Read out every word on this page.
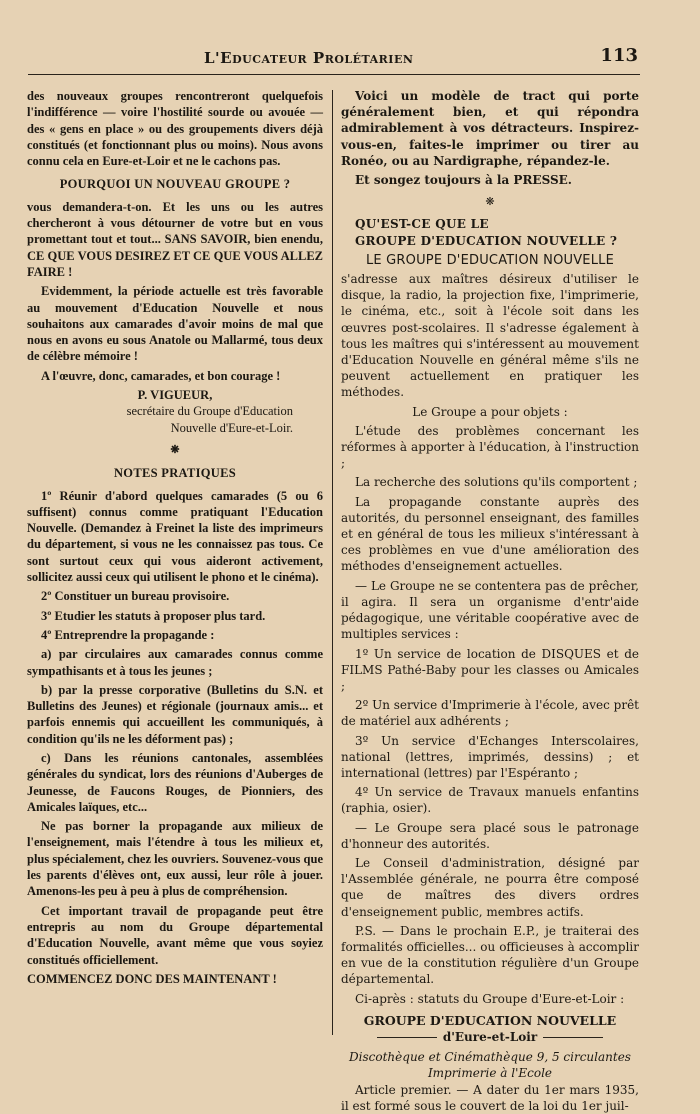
L'Educateur Prolétarien	113

des nouveaux groupes rencontreront quelquefois l'indifférence — voire l'hostilité sourde ou avouée — des « gens en place » ou des groupements divers déjà constitués (et fonctionnant plus ou moins). Nous avons connu cela en Eure-et-Loir et ne le cachons pas.

POURQUOI UN NOUVEAU GROUPE ?

vous demandera-t-on. Et les uns ou les autres chercheront à vous détourner de votre but en vous promettant tout et tout... SANS SAVOIR, bien enendu, CE QUE VOUS DESIREZ ET CE QUE VOUS ALLEZ FAIRE !

Evidemment, la période actuelle est très favorable au mouvement d'Education Nouvelle et nous souhaitons aux camarades d'avoir moins de mal que nous en avons eu sous Anatole ou Mallarmé, tous deux de célèbre mémoire !

A l'œuvre, donc, camarades, et bon courage !

P. VIGUEUR,

secrétaire du Groupe d'Education

Nouvelle d'Eure-et-Loir.

❋
NOTES PRATIQUES

1º Réunir d'abord quelques camarades (5 ou 6 suffisent) connus comme pratiquant l'Education Nouvelle. (Demandez à Freinet la liste des imprimeurs du département, si vous ne les connaissez pas tous. Ce sont surtout ceux qui vous aideront activement, sollicitez aussi ceux qui utilisent le phono et le cinéma).

2º Constituer un bureau provisoire.

3º Etudier les statuts à proposer plus tard.

4º Entreprendre la propagande :

a) par circulaires aux camarades connus comme sympathisants et à tous les jeunes ;

b) par la presse corporative (Bulletins du S.N. et Bulletins des Jeunes) et régionale (journaux amis... et parfois ennemis qui accueillent les communiqués, à condition qu'ils ne les déforment pas) ;

c) Dans les réunions cantonales, assemblées générales du syndicat, lors des réunions d'Auberges de Jeunesse, de Faucons Rouges, de Pionniers, des Amicales laïques, etc...

Ne pas borner la propagande aux milieux de l'enseignement, mais l'étendre à tous les milieux et, plus spécialement, chez les ouvriers. Souvenez-vous que les parents d'élèves ont, eux aussi, leur rôle à jouer. Amenons-les peu à peu à plus de compréhension.

Cet important travail de propagande peut être entrepris au nom du Groupe départemental d'Education Nouvelle, avant même que vous soyiez constitués officiellement.

COMMENCEZ DONC DES MAINTENANT !

Voici un modèle de tract qui porte généralement bien, et qui répondra admirablement à vos détracteurs. Inspirez-vous-en, faites-le imprimer ou tirer au Ronéo, ou au Nardigraphe, répandez-le.

Et songez toujours à la PRESSE.

❋
QU'EST-CE QUE LE
GROUPE D'EDUCATION NOUVELLE ?
LE GROUPE D'EDUCATION NOUVELLE

s'adresse aux maîtres désireux d'utiliser le disque, la radio, la projection fixe, l'imprimerie, le cinéma, etc., soit à l'école soit dans les œuvres post-scolaires. Il s'adresse également à tous les maîtres qui s'intéressent au mouvement d'Education Nouvelle en général même s'ils ne peuvent actuellement en pratiquer les méthodes.

Le Groupe a pour objets :

L'étude des problèmes concernant les réformes à apporter à l'éducation, à l'instruction ;

La recherche des solutions qu'ils comportent ;

La propagande constante auprès des autorités, du personnel enseignant, des familles et en général de tous les milieux s'intéressant à ces problèmes en vue d'une amélioration des méthodes d'enseignement actuelles.

— Le Groupe ne se contentera pas de prêcher, il agira. Il sera un organisme d'entr'aide pédagogique, une véritable coopérative avec de multiples services :

1º Un service de location de DISQUES et de FILMS Pathé-Baby pour les classes ou Amicales ;

2º Un service d'Imprimerie à l'école, avec prêt de matériel aux adhérents ;

3º Un service d'Echanges Interscolaires, national (lettres, imprimés, dessins) ; et international (lettres) par l'Espéranto ;

4º Un service de Travaux manuels enfantins (raphia, osier).

— Le Groupe sera placé sous le patronage d'honneur des autorités.

Le Conseil d'administration, désigné par l'Assemblée générale, ne pourra être composé que de maîtres des divers ordres d'enseignement public, membres actifs.

P.S. — Dans le prochain E.P., je traiterai des formalités officielles... ou officieuses à accomplir en vue de la constitution régulière d'un Groupe départemental.

Ci-après : statuts du Groupe d'Eure-et-Loir :

GROUPE D'EDUCATION NOUVELLE
d'Eure-et-Loir

Discothèque et Cinémathèque 9, 5 circulantes

Imprimerie à l'Ecole

Article premier. — A dater du 1er mars 1935, il est formé sous le couvert de la loi du 1er juil-
